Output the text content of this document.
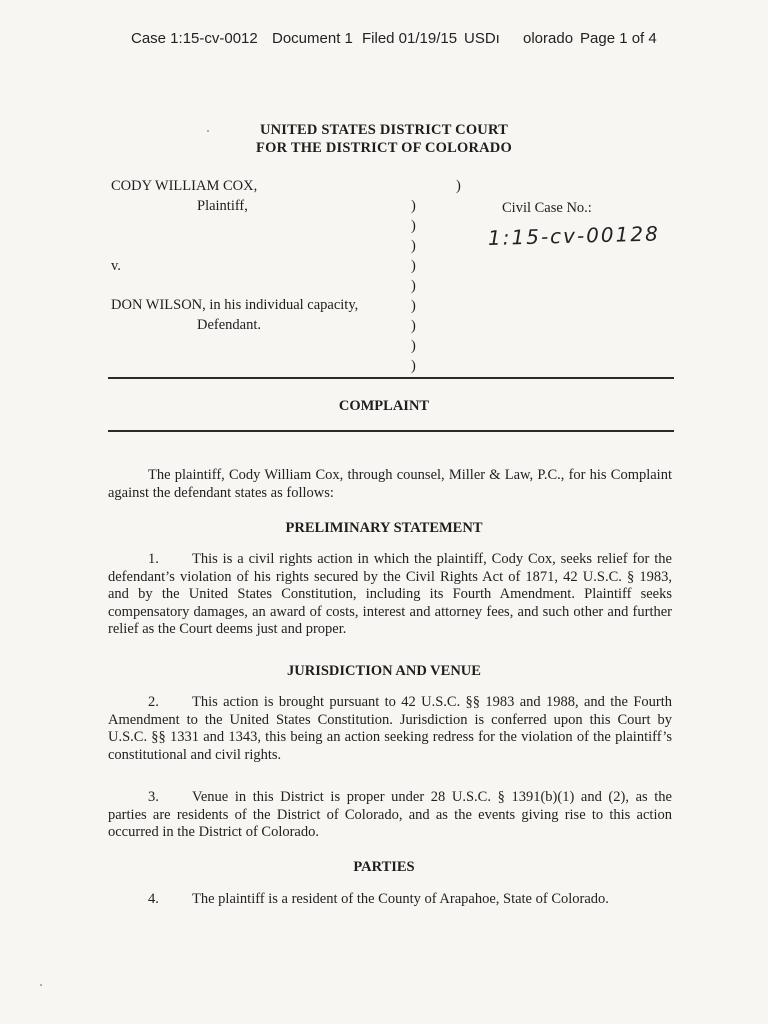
Case 1:15-cv-0012 Document 1 Filed 01/19/15 USDı olorado Page 1 of 4
UNITED STATES DISTRICT COURT
FOR THE DISTRICT OF COLORADO
CODY WILLIAM COX,
Plaintiff,
v.
DON WILSON, in his individual capacity,
Defendant.
)
)
)
)
)
)
)
)
)
)
Civil Case No.:
1:15-cv-00128
COMPLAINT

The plaintiff, Cody William Cox, through counsel, Miller & Law, P.C., for his Complaint against the defendant states as follows:

PRELIMINARY STATEMENT

1. This is a civil rights action in which the plaintiff, Cody Cox, seeks relief for the defendant’s violation of his rights secured by the Civil Rights Act of 1871, 42 U.S.C. § 1983, and by the United States Constitution, including its Fourth Amendment. Plaintiff seeks compensatory damages, an award of costs, interest and attorney fees, and such other and further relief as the Court deems just and proper.

JURISDICTION AND VENUE

2. This action is brought pursuant to 42 U.S.C. §§ 1983 and 1988, and the Fourth Amendment to the United States Constitution. Jurisdiction is conferred upon this Court by U.S.C. §§ 1331 and 1343, this being an action seeking redress for the violation of the plaintiff’s constitutional and civil rights.

3. Venue in this District is proper under 28 U.S.C. § 1391(b)(1) and (2), as the parties are residents of the District of Colorado, and as the events giving rise to this action occurred in the District of Colorado.

PARTIES

4. The plaintiff is a resident of the County of Arapahoe, State of Colorado.
